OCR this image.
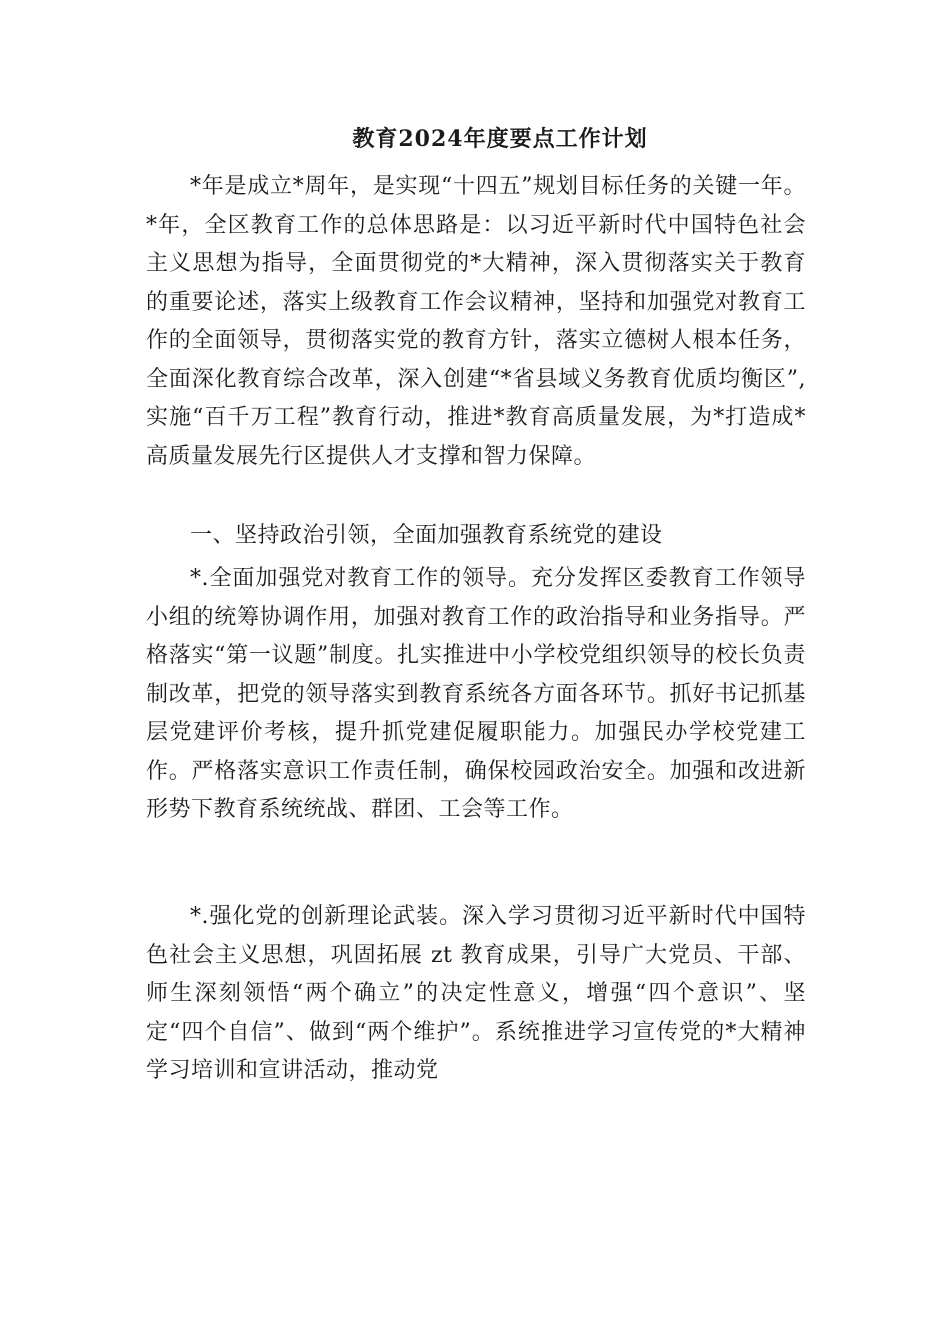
教育2024年度要点工作计划

*年是成立*周年，是实现“十四五”规划目标任务的关键一年。*年，全区教育工作的总体思路是：以习近平新时代中国特色社会主义思想为指导，全面贯彻党的*大精神，深入贯彻落实关于教育的重要论述，落实上级教育工作会议精神，坚持和加强党对教育工作的全面领导，贯彻落实党的教育方针，落实立德树人根本任务，全面深化教育综合改革，深入创建“*省县域义务教育优质均衡区”,实施“百千万工程”教育行动，推进*教育高质量发展，为*打造成*高质量发展先行区提供人才支撑和智力保障。

一、坚持政治引领，全面加强教育系统党的建设

*.全面加强党对教育工作的领导。充分发挥区委教育工作领导小组的统筹协调作用，加强对教育工作的政治指导和业务指导。严格落实“第一议题”制度。扎实推进中小学校党组织领导的校长负责制改革，把党的领导落实到教育系统各方面各环节。抓好书记抓基层党建评价考核，提升抓党建促履职能力。加强民办学校党建工作。严格落实意识工作责任制，确保校园政治安全。加强和改进新形势下教育系统统战、群团、工会等工作。

*.强化党的创新理论武装。深入学习贯彻习近平新时代中国特色社会主义思想，巩固拓展 zt 教育成果，引导广大党员、干部、师生深刻领悟“两个确立”的决定性意义，增强“四个意识”、坚定“四个自信”、做到“两个维护”。系统推进学习宣传党的*大精神学习培训和宣讲活动，推动党
